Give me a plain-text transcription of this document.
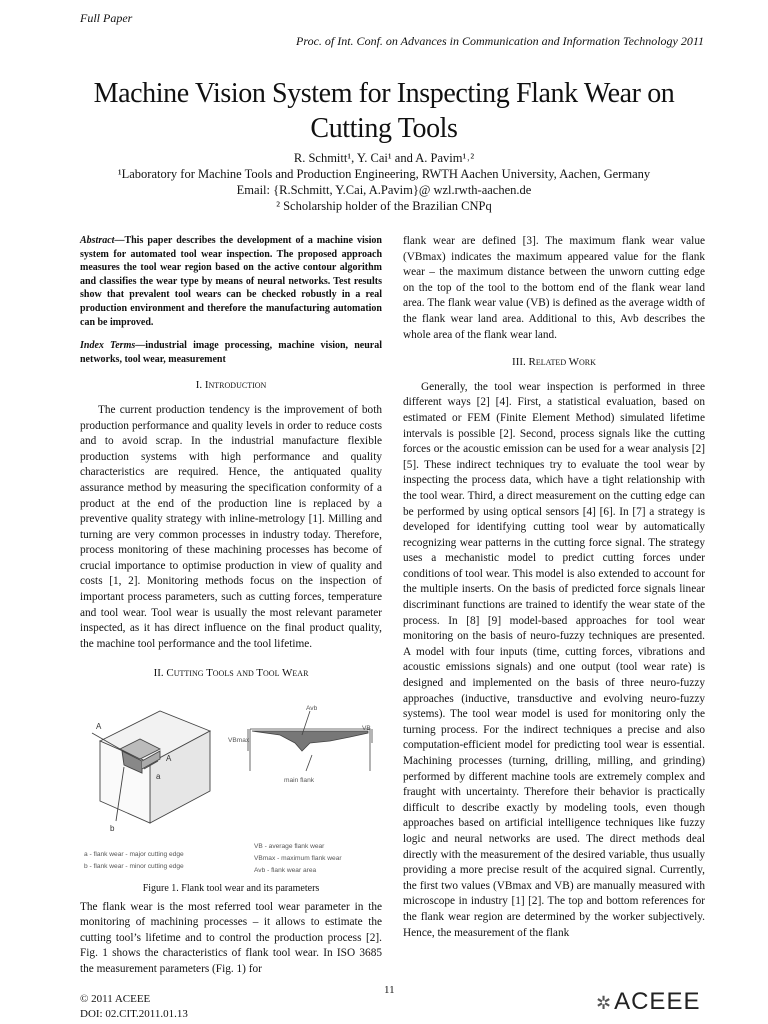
Full Paper
Proc. of Int. Conf. on Advances in Communication and Information Technology 2011
Machine Vision System for Inspecting Flank Wear on
Cutting Tools
R. Schmitt¹, Y. Cai¹ and A. Pavim¹˒²
¹Laboratory for Machine Tools and Production Engineering, RWTH Aachen University, Aachen, Germany
Email: {R.Schmitt, Y.Cai, A.Pavim}@ wzl.rwth-aachen.de
² Scholarship holder of the Brazilian CNPq

Abstract—This paper describes the development of a machine vision system for automated tool wear inspection. The proposed approach measures the tool wear region based on the active contour algorithm and classifies the wear type by means of neural networks. Test results show that prevalent tool wears can be checked robustly in a real production environment and therefore the manufacturing automation can be improved.

Index Terms—industrial image processing, machine vision, neural networks, tool wear, measurement

I. Introduction

The current production tendency is the improvement of both production performance and quality levels in order to reduce costs and to avoid scrap. In the industrial manufacture flexible production systems with high performance and quality characteristics are required. Hence, the antiquated quality assurance method by measuring the specification conformity of a product at the end of the production line is replaced by a preventive quality strategy with inline-metrology [1]. Milling and turning are very common processes in industry today. Therefore, process monitoring of these machining processes has become of crucial importance to optimise production in view of quality and costs [1, 2]. Monitoring methods focus on the inspection of important process parameters, such as cutting forces, temperature and tool wear. Tool wear is usually the most relevant parameter inspected, as it has direct influence on the final product quality, the machine tool performance and the tool lifetime.

II. Cutting Tools and Tool Wear
A
A
a
b
VBmax
Avb
VB
main flank
a - flank wear - major cutting edge
b - flank wear - minor cutting edge
VB - average flank wear
VBmax - maximum flank wear
Avb - flank wear area
Figure 1. Flank tool wear and its parameters

The flank wear is the most referred tool wear parameter in the monitoring of machining processes – it allows to estimate the cutting tool’s lifetime and to control the production process [2]. Fig. 1 shows the characteristics of flank tool wear. In ISO 3685 the measurement parameters (Fig. 1) for

flank wear are defined [3]. The maximum flank wear value (VBmax) indicates the maximum appeared value for the flank wear – the maximum distance between the unworn cutting edge on the top of the tool to the bottom end of the flank wear land area. The flank wear value (VB) is defined as the average width of the flank wear land area. Additional to this, Avb describes the whole area of the flank wear land.

III. Related Work

Generally, the tool wear inspection is performed in three different ways [2] [4]. First, a statistical evaluation, based on estimated or FEM (Finite Element Method) simulated lifetime intervals is possible [2]. Second, process signals like the cutting forces or the acoustic emission can be used for a wear analysis [2] [5]. These indirect techniques try to evaluate the tool wear by inspecting the process data, which have a tight relationship with the tool wear. Third, a direct measurement on the cutting edge can be performed by using optical sensors [4] [6]. In [7] a strategy is developed for identifying cutting tool wear by automatically recognizing wear patterns in the cutting force signal. The strategy uses a mechanistic model to predict cutting forces under conditions of tool wear. This model is also extended to account for the multiple inserts. On the basis of predicted force signals linear discriminant functions are trained to identify the wear state of the process. In [8] [9] model-based approaches for tool wear monitoring on the basis of neuro-fuzzy techniques are presented. A model with four inputs (time, cutting forces, vibrations and acoustic emissions signals) and one output (tool wear rate) is designed and implemented on the basis of three neuro-fuzzy approaches (inductive, transductive and evolving neuro-fuzzy systems). The tool wear model is used for monitoring only the turning process. For the indirect techniques a precise and also computation-efficient model for predicting tool wear is essential. Machining processes (turning, drilling, milling, and grinding) performed by different machine tools are extremely complex and fraught with uncertainty. Therefore their behavior is practically difficult to describe exactly by modeling tools, even though approaches based on artificial intelligence techniques like fuzzy logic and neural networks are used. The direct methods deal directly with the measurement of the desired variable, thus usually providing a more precise result of the acquired signal. Currently, the first two values (VBmax and VB) are manually measured with microscope in industry [1] [2]. The top and bottom references for the flank wear region are determined by the worker subjectively. Hence, the measurement of the flank

© 2011 ACEEE
DOI: 02.CIT.2011.01.13
11
✲ACEEE
